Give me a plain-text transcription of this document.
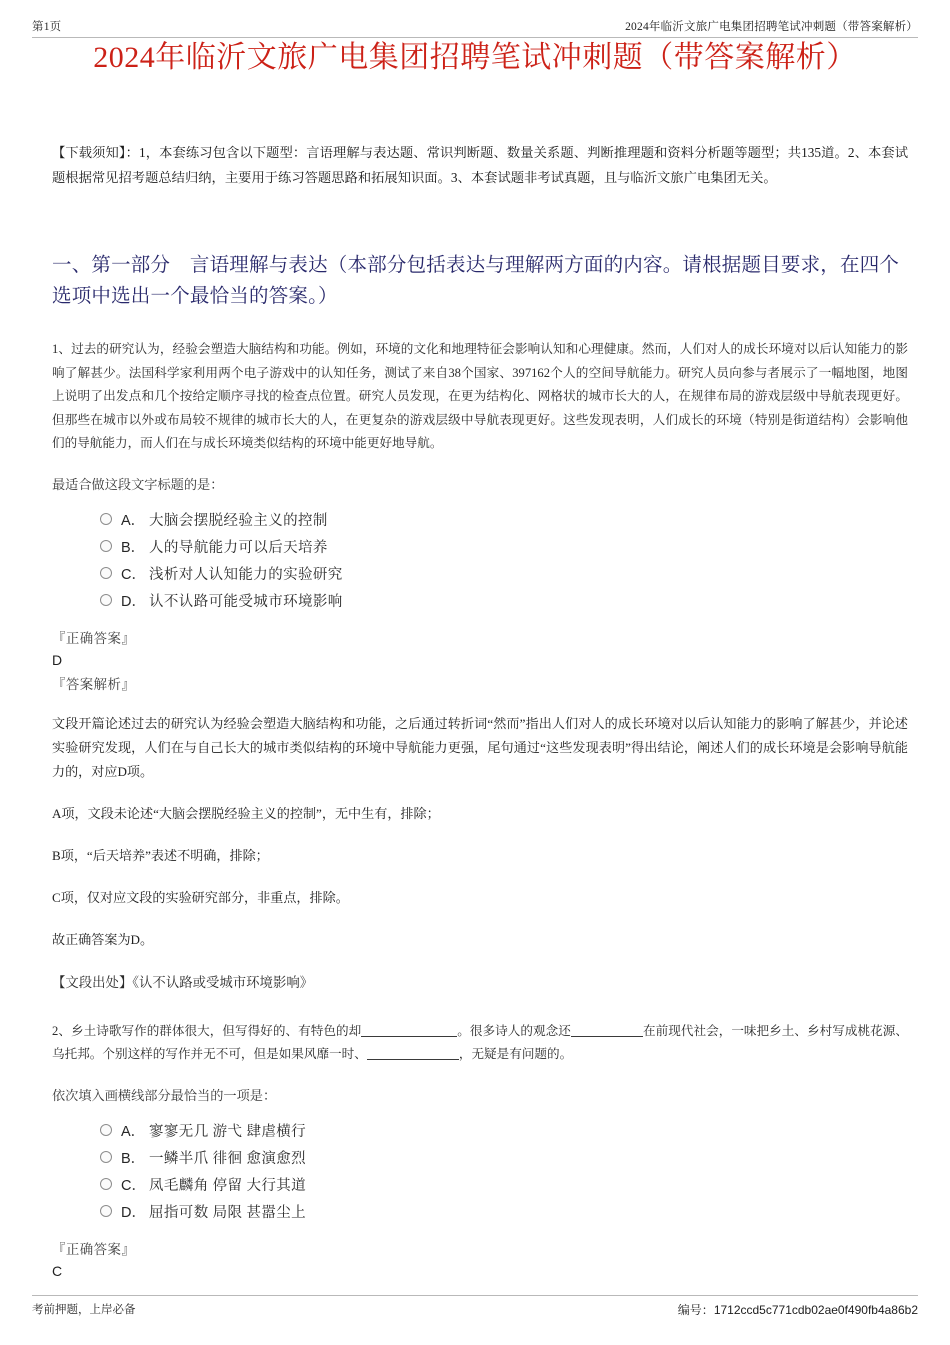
第1页	2024年临沂文旅广电集团招聘笔试冲刺题（带答案解析）
2024年临沂文旅广电集团招聘笔试冲刺题（带答案解析）

【下载须知】：1，本套练习包含以下题型：言语理解与表达题、常识判断题、数量关系题、判断推理题和资料分析题等题型；共135道。2、本套试题根据常见招考题总结归纳，主要用于练习答题思路和拓展知识面。3、本套试题非考试真题，且与临沂文旅广电集团无关。

一、第一部分　言语理解与表达（本部分包括表达与理解两方面的内容。请根据题目要求，在四个选项中选出一个最恰当的答案。）
1、过去的研究认为，经验会塑造大脑结构和功能。例如，环境的文化和地理特征会影响认知和心理健康。然而，人们对人的成长环境对以后认知能力的影响了解甚少。法国科学家利用两个电子游戏中的认知任务，测试了来自38个国家、397162个人的空间导航能力。研究人员向参与者展示了一幅地图，地图上说明了出发点和几个按给定顺序寻找的检查点位置。研究人员发现，在更为结构化、网格状的城市长大的人，在规律布局的游戏层级中导航表现更好。但那些在城市以外或布局较不规律的城市长大的人，在更复杂的游戏层级中导航表现更好。这些发现表明，人们成长的环境（特别是街道结构）会影响他们的导航能力，而人们在与成长环境类似结构的环境中能更好地导航。
最适合做这段文字标题的是：
A． 大脑会摆脱经验主义的控制
B． 人的导航能力可以后天培养
C． 浅析对人认知能力的实验研究
D． 认不认路可能受城市环境影响
『正确答案』
D
『答案解析』
文段开篇论述过去的研究认为经验会塑造大脑结构和功能，之后通过转折词“然而”指出人们对人的成长环境对以后认知能力的影响了解甚少，并论述实验研究发现，人们在与自己长大的城市类似结构的环境中导航能力更强，尾句通过“这些发现表明”得出结论，阐述人们的成长环境是会影响导航能力的，对应D项。
A项，文段未论述“大脑会摆脱经验主义的控制”，无中生有，排除；
B项，“后天培养”表述不明确，排除；
C项，仅对应文段的实验研究部分，非重点，排除。
故正确答案为D。
【文段出处】《认不认路或受城市环境影响》
2、乡土诗歌写作的群体很大，但写得好的、有特色的却	。很多诗人的观念还	在前现代社会，一味把乡土、乡村写成桃花源、乌托邦。个别这样的写作并无不可，但是如果风靡一时、	，无疑是有问题的。
依次填入画横线部分最恰当的一项是：
A． 寥寥无几 游弋 肆虐横行
B． 一鳞半爪 徘徊 愈演愈烈
C． 凤毛麟角 停留 大行其道
D． 屈指可数 局限 甚嚣尘上
『正确答案』
C
考前押题，上岸必备	编号：1712ccd5c771cdb02ae0f490fb4a86b2
